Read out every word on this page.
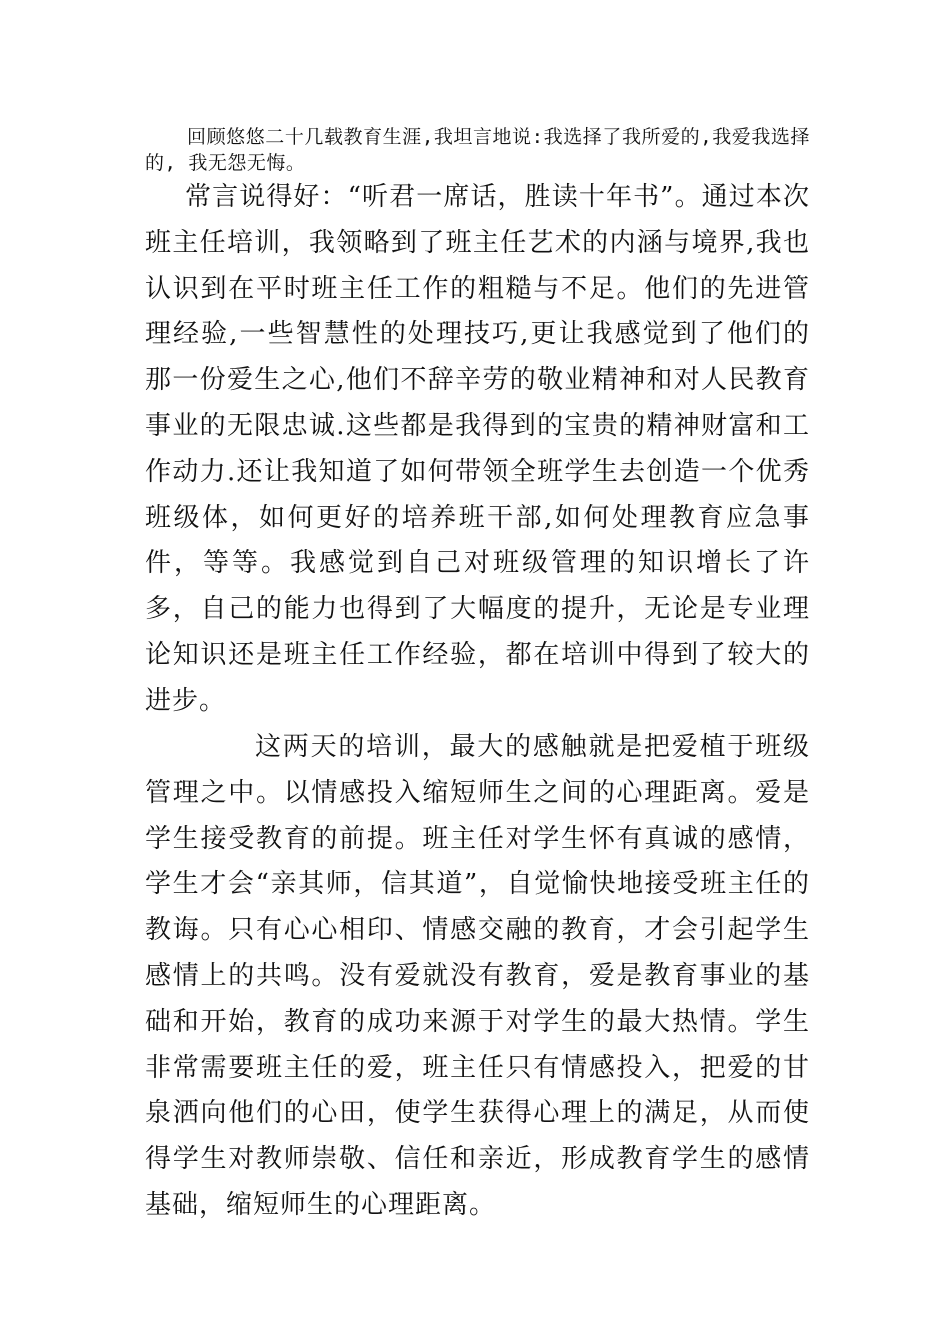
回顾悠悠二十几载教育生涯,我坦言地说:我选择了我所爱的,我爱我选择的, 我无怨无悔。

常言说得好：“听君一席话，胜读十年书”。通过本次班主任培训，我领略到了班主任艺术的内涵与境界,我也认识到在平时班主任工作的粗糙与不足。他们的先进管理经验,一些智慧性的处理技巧,更让我感觉到了他们的那一份爱生之心,他们不辞辛劳的敬业精神和对人民教育事业的无限忠诚.这些都是我得到的宝贵的精神财富和工作动力.还让我知道了如何带领全班学生去创造一个优秀班级体，如何更好的培养班干部,如何处理教育应急事件，等等。我感觉到自己对班级管理的知识增长了许多，自己的能力也得到了大幅度的提升，无论是专业理论知识还是班主任工作经验，都在培训中得到了较大的进步。

这两天的培训，最大的感触就是把爱植于班级管理之中。以情感投入缩短师生之间的心理距离。爱是学生接受教育的前提。班主任对学生怀有真诚的感情，学生才会“亲其师，信其道”，自觉愉快地接受班主任的教诲。只有心心相印、情感交融的教育，才会引起学生感情上的共鸣。没有爱就没有教育，爱是教育事业的基础和开始，教育的成功来源于对学生的最大热情。学生非常需要班主任的爱，班主任只有情感投入，把爱的甘泉洒向他们的心田，使学生获得心理上的满足，从而使得学生对教师崇敬、信任和亲近，形成教育学生的感情基础，缩短师生的心理距离。
